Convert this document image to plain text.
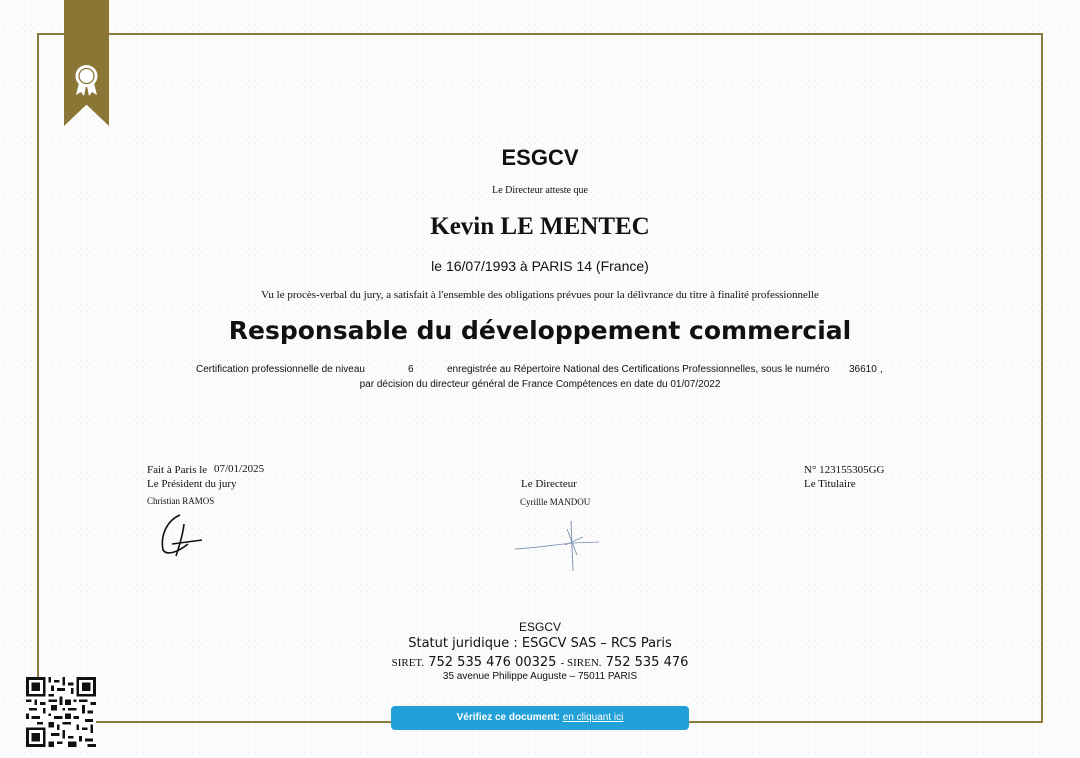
ESGCV
Le Directeur atteste que
Kevin LE MENTEC
le 16/07/1993 à PARIS 14 (France)
Vu le procès-verbal du jury, a satisfait à l'ensemble des obligations prévues pour la délivrance du titre à finalité professionnelle
Responsable du développement commercial
Certification professionnelle de niveau	6	enregistrée au Répertoire National des Certifications Professionnelles, sous le numéro 36610 ,
par décision du directeur général de France Compétences en date du 01/07/2022
Fait à Paris le 07/01/2025
Le Président du jury
Christian RAMOS
Le Directeur
Cyrillle MANDOU
N° 123155305GG
Le Titulaire
ESGCV
Statut juridique : ESGCV SAS – RCS Paris
SIRET. 752 535 476 00325 - SIREN. 752 535 476
35 avenue Philippe Auguste – 75011 PARIS
Vérifiez ce document: en cliquant ici
